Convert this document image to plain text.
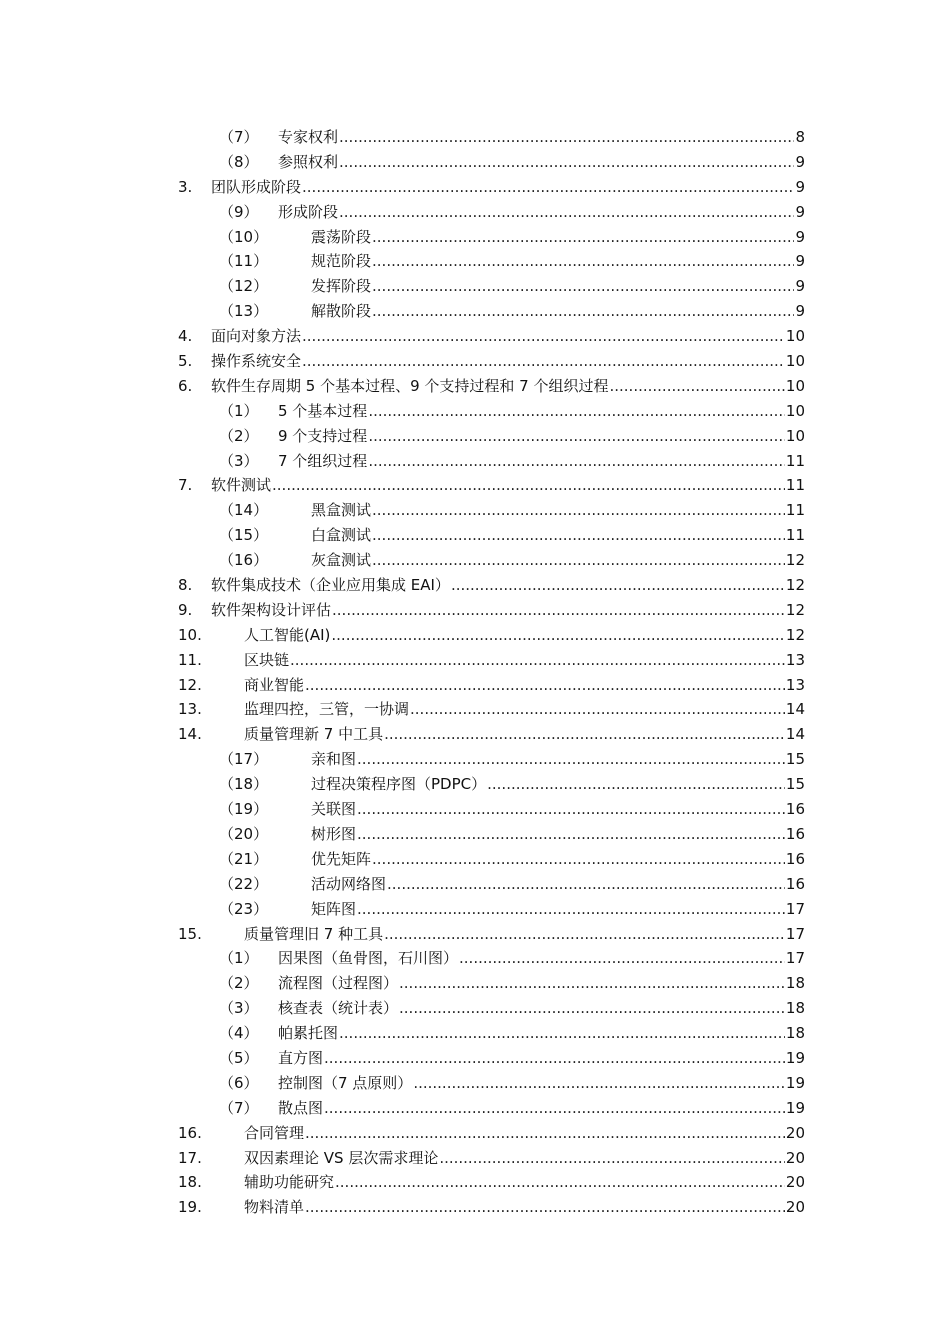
（7） 专家权利 .....	8
（8） 参照权利 .....	9
3. 团队形成阶段 .....	9
（9） 形成阶段 .....	9
（10）	震荡阶段 .....	9
（11）	规范阶段 .....	9
（12）	发挥阶段 .....	9
（13）	解散阶段 .....	9
4. 面向对象方法 .....	10
5. 操作系统安全 .....	10
6. 软件生存周期 5 个基本过程、9 个支持过程和 7 个组织过程 .....	10
（1） 5 个基本过程 .....	10
（2） 9 个支持过程 .....	10
（3） 7 个组织过程 .....	11
7. 软件测试 .....	11
（14）	黑盒测试 .....	11
（15）	白盒测试 .....	11
（16）	灰盒测试 .....	12
8. 软件集成技术（企业应用集成 EAI） .....	12
9. 软件架构设计评估 .....	12
10.	人工智能(AI) .....	12
11.	区块链 .....	13
12.	商业智能 .....	13
13.	监理四控，三管，一协调 .....	14
14.	质量管理新 7 中工具 .....	14
（17）	亲和图 .....	15
（18）	过程决策程序图（PDPC） .....	15
（19）	关联图 .....	16
（20）	树形图 .....	16
（21）	优先矩阵 .....	16
（22）	活动网络图 .....	16
（23）	矩阵图 .....	17
15.	质量管理旧 7 种工具 .....	17
（1） 因果图（鱼骨图，石川图） .....	17
（2） 流程图（过程图） .....	18
（3） 核查表（统计表） .....	18
（4） 帕累托图 .....	18
（5） 直方图 .....	19
（6） 控制图（7 点原则） .....	19
（7） 散点图 .....	19
16.	合同管理 .....	20
17.	双因素理论 VS 层次需求理论 .....	20
18.	辅助功能研究 .....	20
19.	物料清单 .....	20
